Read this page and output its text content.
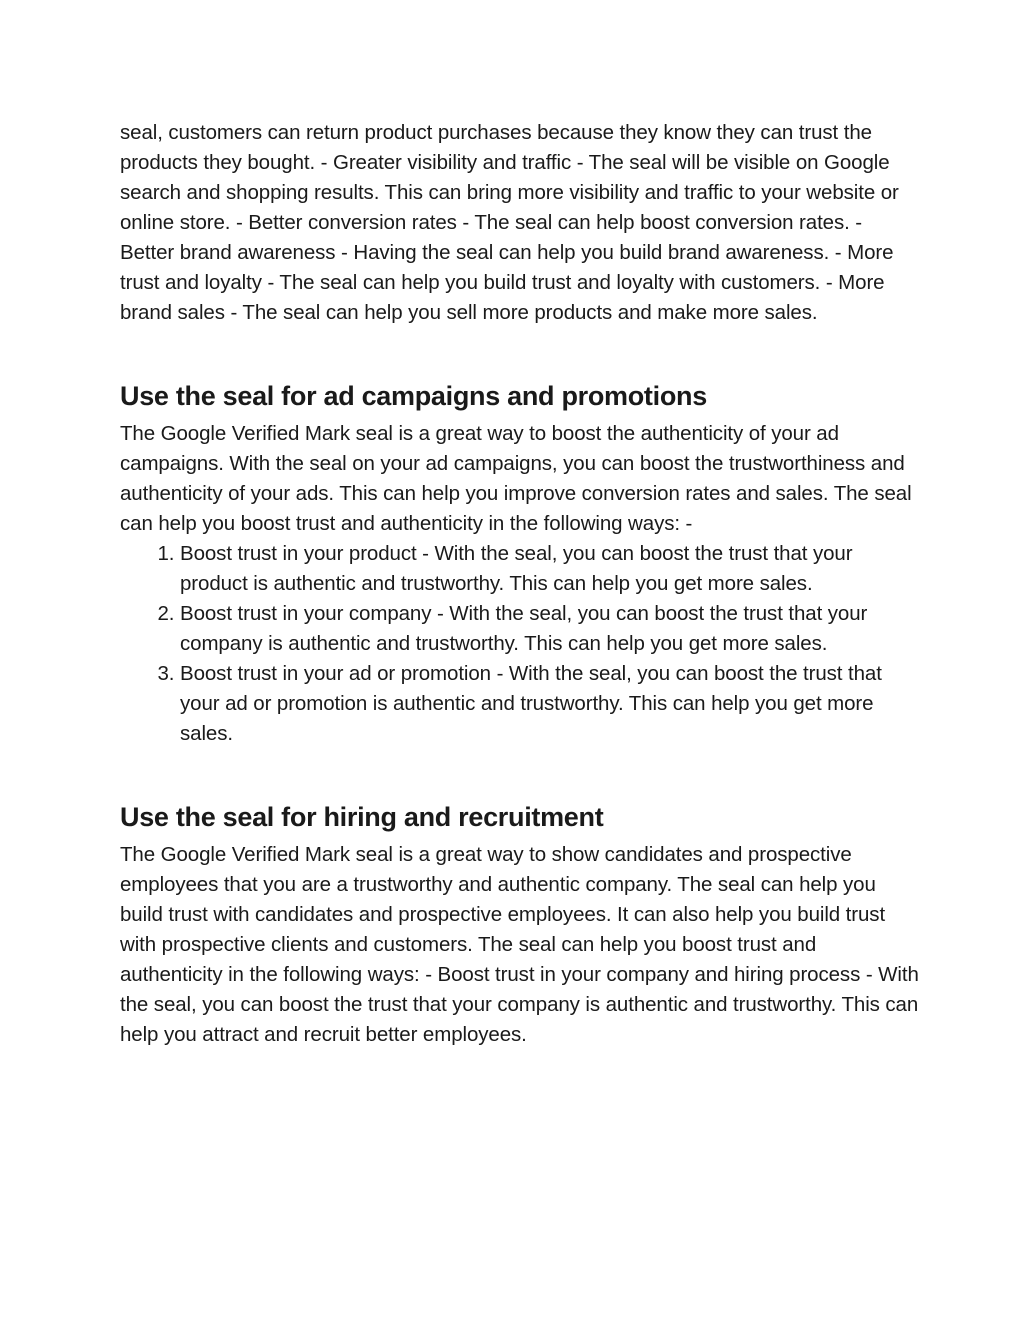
seal, customers can return product purchases because they know they can trust the products they bought. - Greater visibility and traffic - The seal will be visible on Google search and shopping results. This can bring more visibility and traffic to your website or online store. - Better conversion rates - The seal can help boost conversion rates. - Better brand awareness - Having the seal can help you build brand awareness. - More trust and loyalty - The seal can help you build trust and loyalty with customers. - More brand sales - The seal can help you sell more products and make more sales.

Use the seal for ad campaigns and promotions

The Google Verified Mark seal is a great way to boost the authenticity of your ad campaigns. With the seal on your ad campaigns, you can boost the trustworthiness and authenticity of your ads. This can help you improve conversion rates and sales. The seal can help you boost trust and authenticity in the following ways: -

1. Boost trust in your product - With the seal, you can boost the trust that your product is authentic and trustworthy. This can help you get more sales.
2. Boost trust in your company - With the seal, you can boost the trust that your company is authentic and trustworthy. This can help you get more sales.
3. Boost trust in your ad or promotion - With the seal, you can boost the trust that your ad or promotion is authentic and trustworthy. This can help you get more sales.
Use the seal for hiring and recruitment

The Google Verified Mark seal is a great way to show candidates and prospective employees that you are a trustworthy and authentic company. The seal can help you build trust with candidates and prospective employees. It can also help you build trust with prospective clients and customers. The seal can help you boost trust and authenticity in the following ways: - Boost trust in your company and hiring process - With the seal, you can boost the trust that your company is authentic and trustworthy. This can help you attract and recruit better employees.
